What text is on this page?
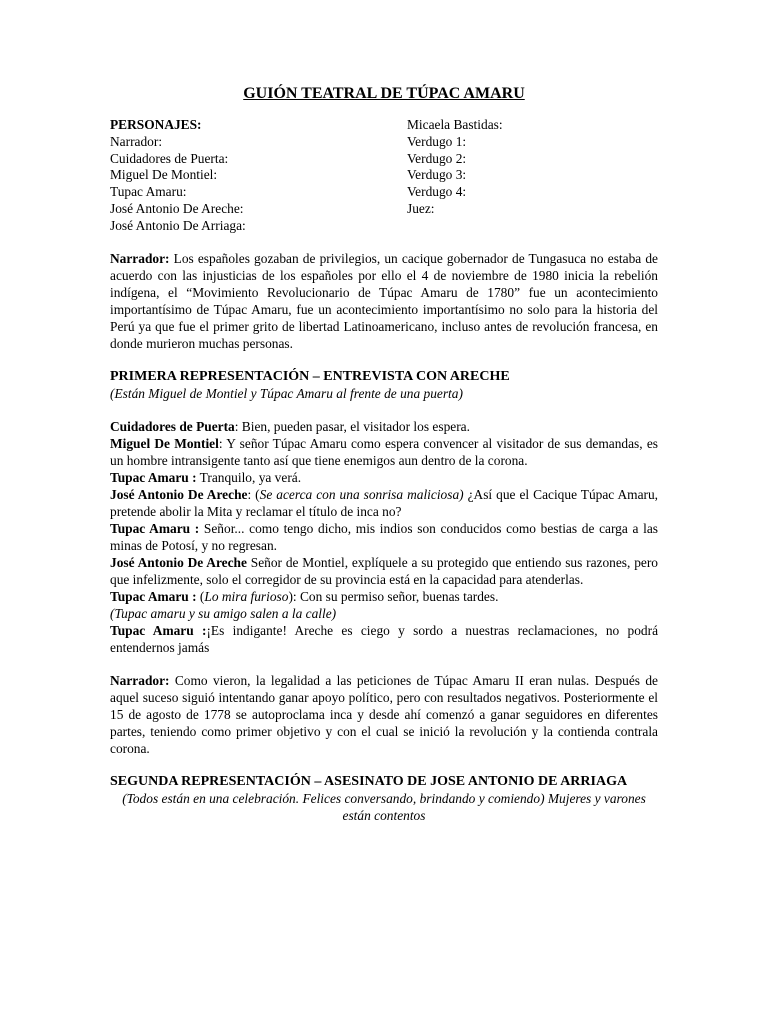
GUIÓN TEATRAL DE TÚPAC AMARU
PERSONAJES:
Narrador:
Cuidadores de Puerta:
Miguel De Montiel:
Tupac Amaru:
José Antonio De Areche:
José Antonio De Arriaga:
Micaela Bastidas:
Verdugo 1:
Verdugo 2:
Verdugo 3:
Verdugo 4:
Juez:

Narrador: Los españoles gozaban de privilegios, un cacique gobernador de Tungasuca no estaba de acuerdo con las injusticias de los españoles por ello el 4 de noviembre de 1980 inicia la rebelión indígena, el “Movimiento Revolucionario de Túpac Amaru de 1780” fue un acontecimiento importantísimo de Túpac Amaru, fue un acontecimiento importantísimo no solo para la historia del Perú ya que fue el primer grito de libertad Latinoamericano, incluso antes de revolución francesa, en donde murieron muchas personas.

PRIMERA REPRESENTACIÓN – ENTREVISTA CON ARECHE

(Están Miguel de Montiel y Túpac Amaru al frente de una puerta)

Cuidadores de Puerta: Bien, pueden pasar, el visitador los espera.

Miguel De Montiel: Y señor Túpac Amaru como espera convencer al visitador de sus demandas, es un hombre intransigente tanto así que tiene enemigos aun dentro de la corona.

Tupac Amaru : Tranquilo, ya verá.

José Antonio De Areche: (Se acerca con una sonrisa maliciosa) ¿Así que el Cacique Túpac Amaru, pretende abolir la Mita y reclamar el título de inca no?

Tupac Amaru : Señor... como tengo dicho, mis indios son conducidos como bestias de carga a las minas de Potosí, y no regresan.

José Antonio De Areche Señor de Montiel, explíquele a su protegido que entiendo sus razones, pero que infelizmente, solo el corregidor de su provincia está en la capacidad para atenderlas.

Tupac Amaru : (Lo mira furioso): Con su permiso señor, buenas tardes.

(Tupac amaru y su amigo salen a la calle)

Tupac Amaru :¡Es indigante! Areche es ciego y sordo a nuestras reclamaciones, no podrá entendernos jamás

Narrador: Como vieron, la legalidad a las peticiones de Túpac Amaru II eran nulas. Después de aquel suceso siguió intentando ganar apoyo político, pero con resultados negativos. Posteriormente el 15 de agosto de 1778 se autoproclama inca y desde ahí comenzó a ganar seguidores en diferentes partes, teniendo como primer objetivo y con el cual se inició la revolución y la contienda contrala corona.

SEGUNDA REPRESENTACIÓN – ASESINATO DE JOSE ANTONIO DE ARRIAGA

(Todos están en una celebración. Felices conversando, brindando y comiendo) Mujeres y varones están contentos
